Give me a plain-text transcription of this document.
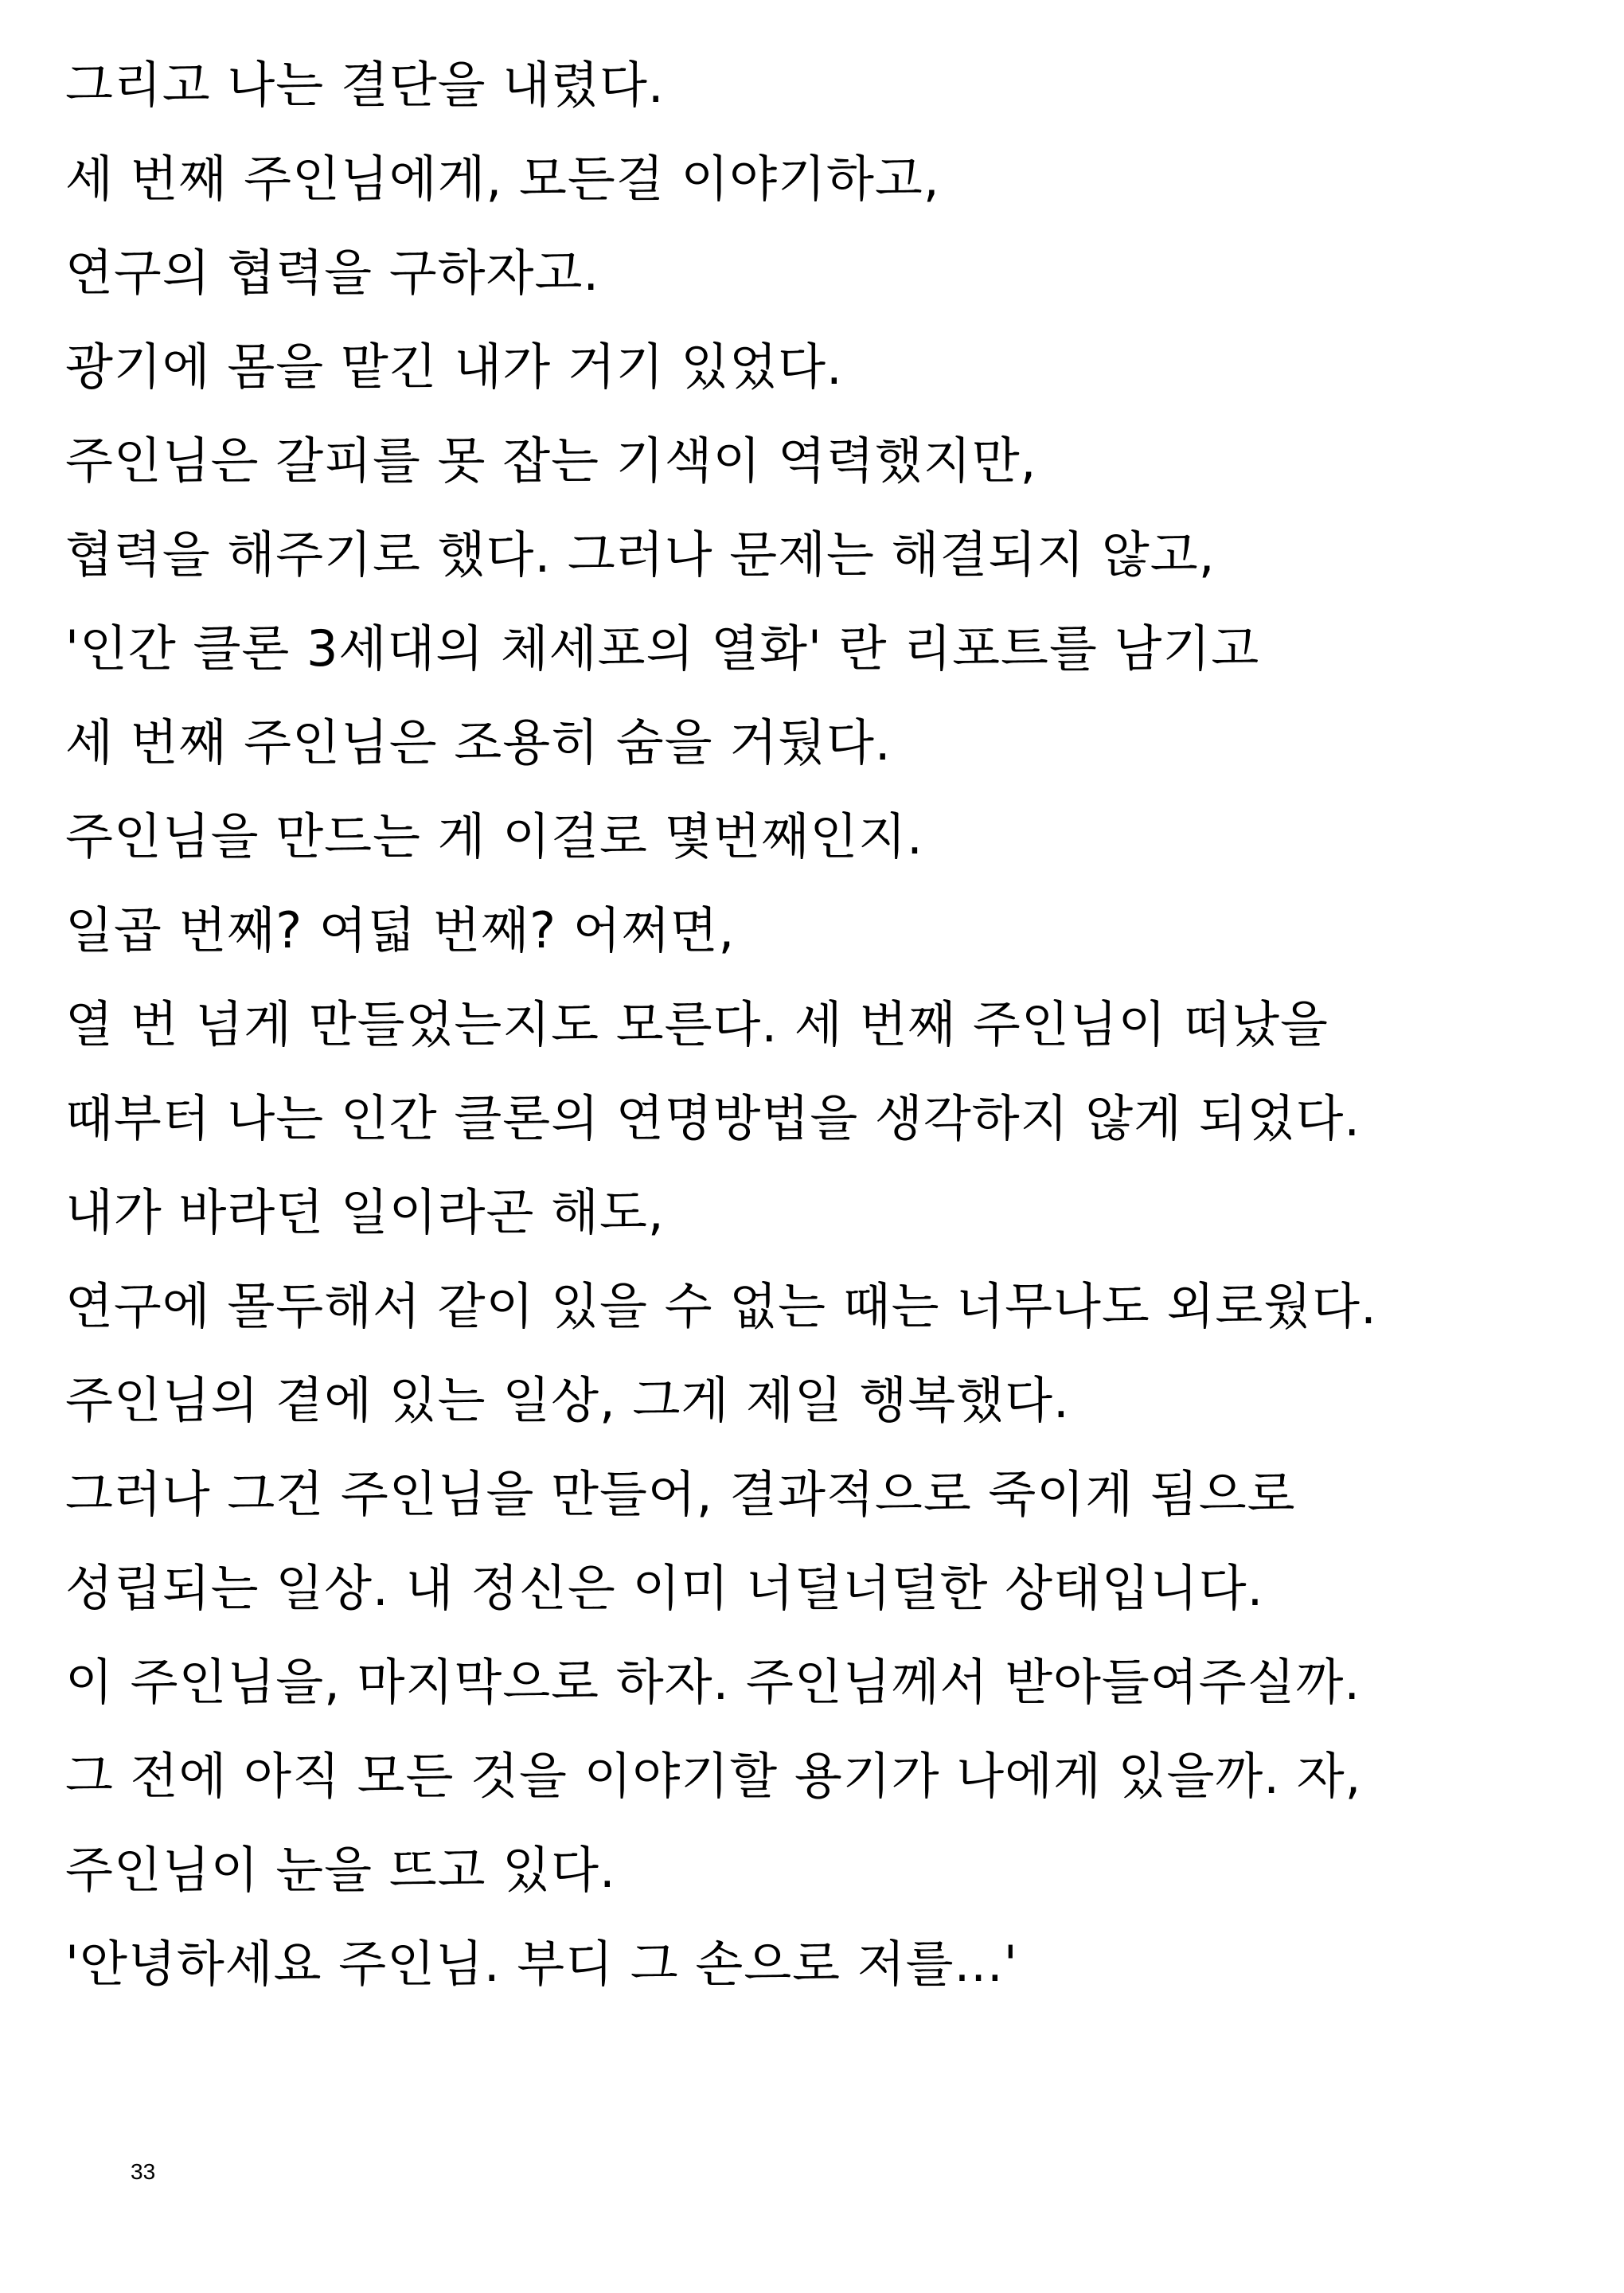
그리고 나는 결단을 내렸다.
세 번째 주인님에게, 모든걸 이야기하고,
연구의 협력을 구하자고.
광기에 몸을 맡긴 내가 거기 있었다.
주인님은 갈피를 못 잡는 기색이 역력했지만,
협력을 해주기로 했다. 그러나 문제는 해결되지 않고,
'인간 클론 3세대의 체세포의 열화' 란 리포트를 남기고
세 번째 주인님은 조용히 숨을 거뒀다.
주인님을 만드는 게 이걸로 몇번째인지.
일곱 번째? 여덟 번째? 어쩌면,
열 번 넘게 만들었는지도 모른다. 세 번째 주인님이 떠났을
때부터 나는 인간 클론의 연명방법을 생각하지 않게 되었다.
내가 바라던 일이라곤 해도,
연구에 몰두해서 같이 있을 수 없는 때는 너무나도 외로웠다.
주인님의 곁에 있는 일상, 그게 제일 행복했다.
그러나 그건 주인님을 만들어, 결과적으로 죽이게 됨으로
성립되는 일상. 내 정신은 이미 너덜너덜한 상태입니다.
이 주인님을, 마지막으로 하자. 주인님께서 받아들여주실까.
그 전에 아직 모든 것을 이야기할 용기가 나에게 있을까. 자,
주인님이 눈을 뜨고 있다.
'안녕하세요 주인님. 부디 그 손으로 저를...'
33
